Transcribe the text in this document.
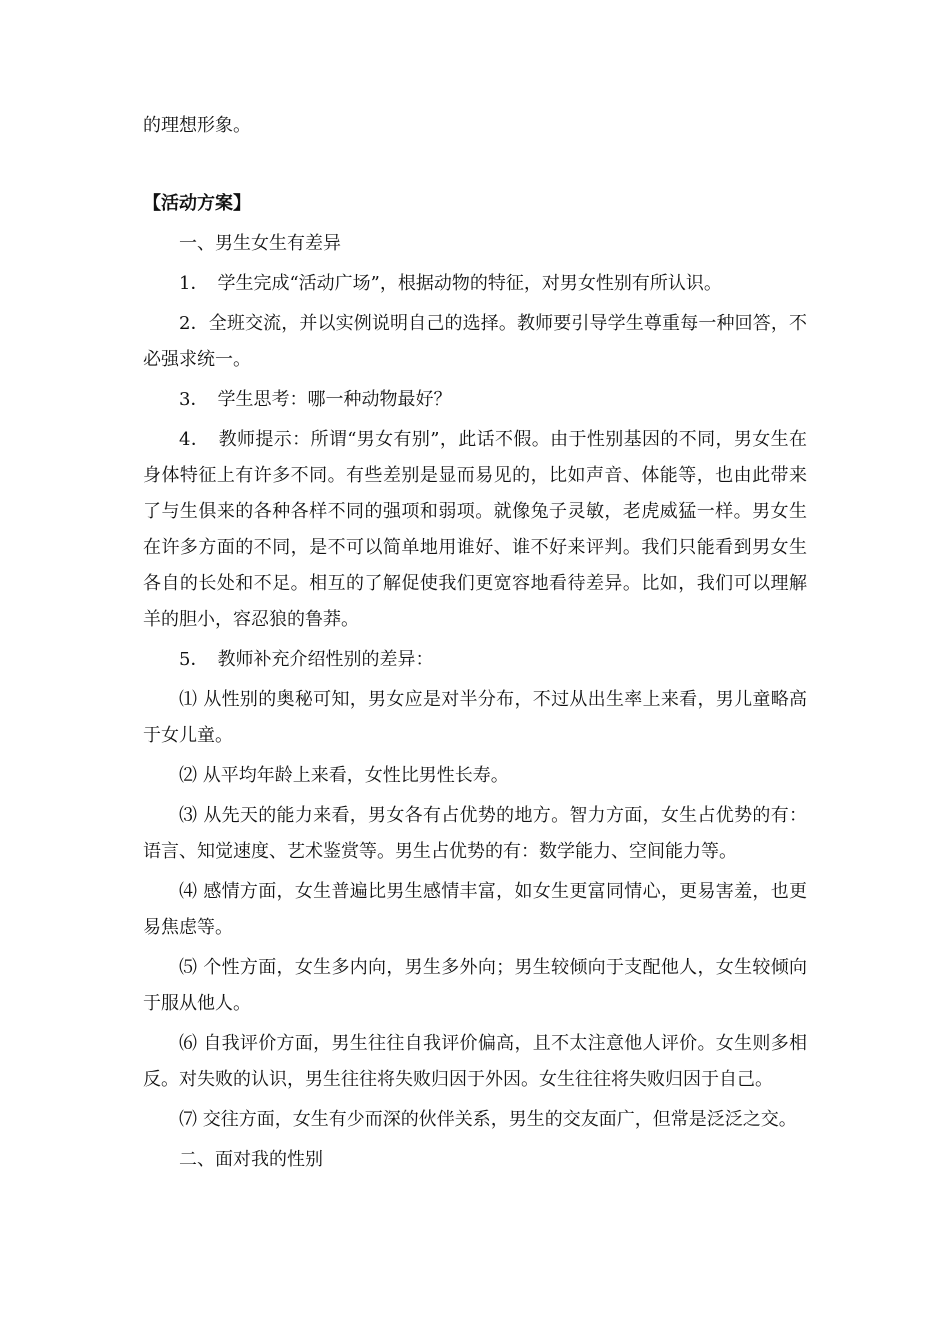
的理想形象。

【活动方案】

一、男生女生有差异

1．　学生完成“活动广场”，根据动物的特征，对男女性别有所认识。

2．全班交流，并以实例说明自己的选择。教师要引导学生尊重每一种回答，不必强求统一。

3．　学生思考：哪一种动物最好？

4．　教师提示：所谓“男女有别”，此话不假。由于性别基因的不同，男女生在身体特征上有许多不同。有些差别是显而易见的，比如声音、体能等，也由此带来了与生俱来的各种各样不同的强项和弱项。就像兔子灵敏，老虎威猛一样。男女生在许多方面的不同，是不可以简单地用谁好、谁不好来评判。我们只能看到男女生各自的长处和不足。相互的了解促使我们更宽容地看待差异。比如，我们可以理解羊的胆小，容忍狼的鲁莽。

5．　教师补充介绍性别的差异：

⑴ 从性别的奥秘可知，男女应是对半分布，不过从出生率上来看，男儿童略高于女儿童。

⑵ 从平均年龄上来看，女性比男性长寿。

⑶ 从先天的能力来看，男女各有占优势的地方。智力方面，女生占优势的有：语言、知觉速度、艺术鉴赏等。男生占优势的有：数学能力、空间能力等。

⑷ 感情方面，女生普遍比男生感情丰富，如女生更富同情心，更易害羞，也更易焦虑等。

⑸ 个性方面，女生多内向，男生多外向；男生较倾向于支配他人，女生较倾向于服从他人。

⑹ 自我评价方面，男生往往自我评价偏高，且不太注意他人评价。女生则多相反。对失败的认识，男生往往将失败归因于外因。女生往往将失败归因于自己。

⑺ 交往方面，女生有少而深的伙伴关系，男生的交友面广，但常是泛泛之交。

二、面对我的性别
